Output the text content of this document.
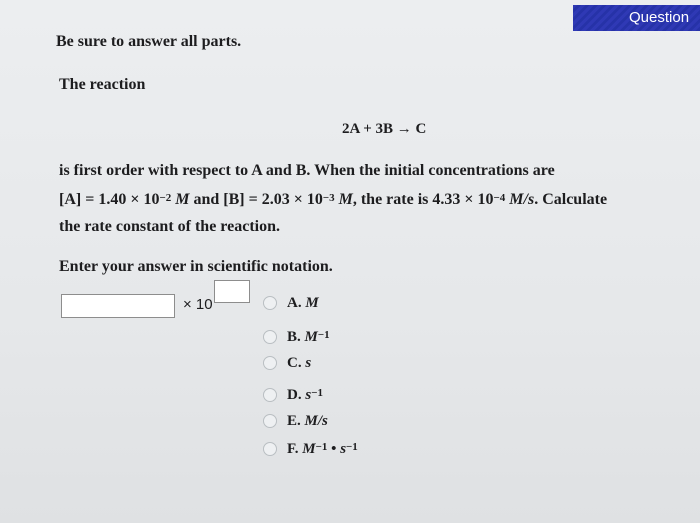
Question
Be sure to answer all parts.
The reaction
2A + 3B → C
is first order with respect to A and B. When the initial concentrations are
$[A] = 1.40 \times 10^{-2}$ M and $[B] = 2.03 \times 10^{-3}$ M, the rate is $4.33 \times 10^{-4}$ M/s. Calculate
the rate constant of the reaction.
Enter your answer in scientific notation.
× 10	A. M
B. $M^{-1}$
C. s
D. $s^{-1}$
E. M/s
F. $M^{-1}$ • $s^{-1}$
